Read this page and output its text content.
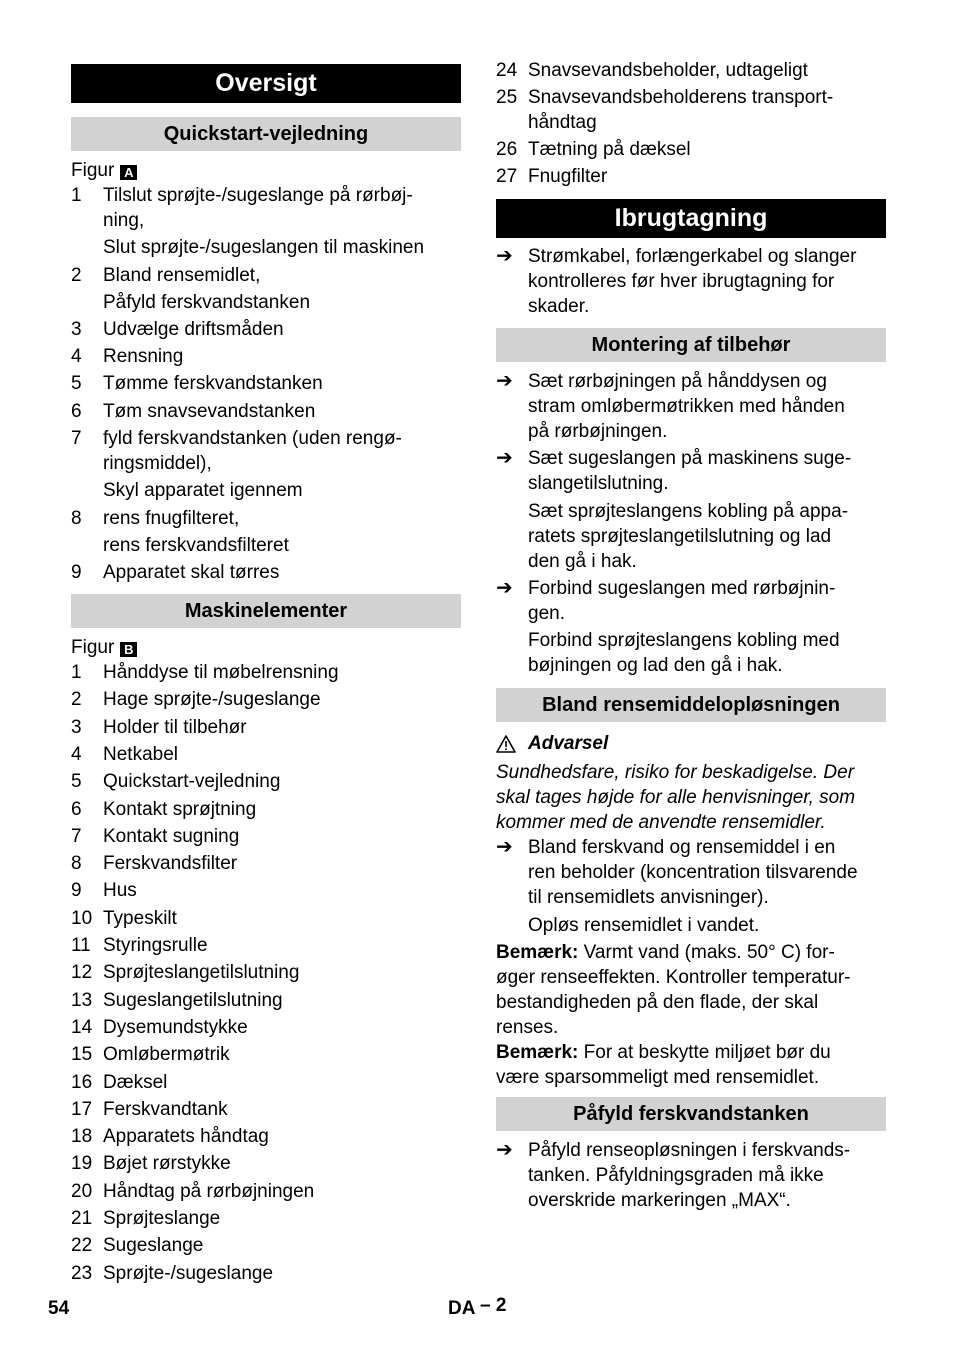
Oversigt
Quickstart-vejledning
Figur A
1 Tilslut sprøjte-/sugeslange på rørbøj-
ning,
Slut sprøjte-/sugeslangen til maskinen
2 Bland rensemidlet,
Påfyld ferskvandstanken
3 Udvælge driftsmåden
4 Rensning
5 Tømme ferskvandstanken
6 Tøm snavsevandstanken
7 fyld ferskvandstanken (uden rengø-
ringsmiddel),
Skyl apparatet igennem
8 rens fnugfilteret,
rens ferskvandsfilteret
9 Apparatet skal tørres
Maskinelementer
Figur B
1 Hånddyse til møbelrensning
2 Hage sprøjte-/sugeslange
3 Holder til tilbehør
4 Netkabel
5 Quickstart-vejledning
6 Kontakt sprøjtning
7 Kontakt sugning
8 Ferskvandsfilter
9 Hus
10 Typeskilt
11 Styringsrulle
12 Sprøjteslangetilslutning
13 Sugeslangetilslutning
14 Dysemundstykke
15 Omløbermøtrik
16 Dæksel
17 Ferskvandtank
18 Apparatets håndtag
19 Bøjet rørstykke
20 Håndtag på rørbøjningen
21 Sprøjteslange
22 Sugeslange
23 Sprøjte-/sugeslange
24 Snavsevandsbeholder, udtageligt
25 Snavsevandsbeholderens transport-
håndtag
26 Tætning på dæksel
27 Fnugfilter
Ibrugtagning
➔ Strømkabel, forlængerkabel og slanger
kontrolleres før hver ibrugtagning for
skader.
Montering af tilbehør
➔ Sæt rørbøjningen på hånddysen og
stram omløbermøtrikken med hånden
på rørbøjningen.
➔ Sæt sugeslangen på maskinens suge-
slangetilslutning.
Sæt sprøjteslangens kobling på appa-
ratets sprøjteslangetilslutning og lad
den gå i hak.
➔ Forbind sugeslangen med rørbøjnin-
gen.
Forbind sprøjteslangens kobling med
bøjningen og lad den gå i hak.
Bland rensemiddelopløsningen
Advarsel
Sundhedsfare, risiko for beskadigelse. Der
skal tages højde for alle henvisninger, som
kommer med de anvendte rensemidler.
➔ Bland ferskvand og rensemiddel i en
ren beholder (koncentration tilsvarende
til rensemidlets anvisninger).
Opløs rensemidlet i vandet.
Bemærk: Varmt vand (maks. 50° C) for-
øger renseeffekten. Kontroller temperatur-
bestandigheden på den flade, der skal
renses.
Bemærk: For at beskytte miljøet bør du
være sparsommeligt med rensemidlet.
Påfyld ferskvandstanken
➔ Påfyld renseopløsningen i ferskvands-
tanken. Påfyldningsgraden må ikke
overskride markeringen „MAX“.
54	DA – 2
